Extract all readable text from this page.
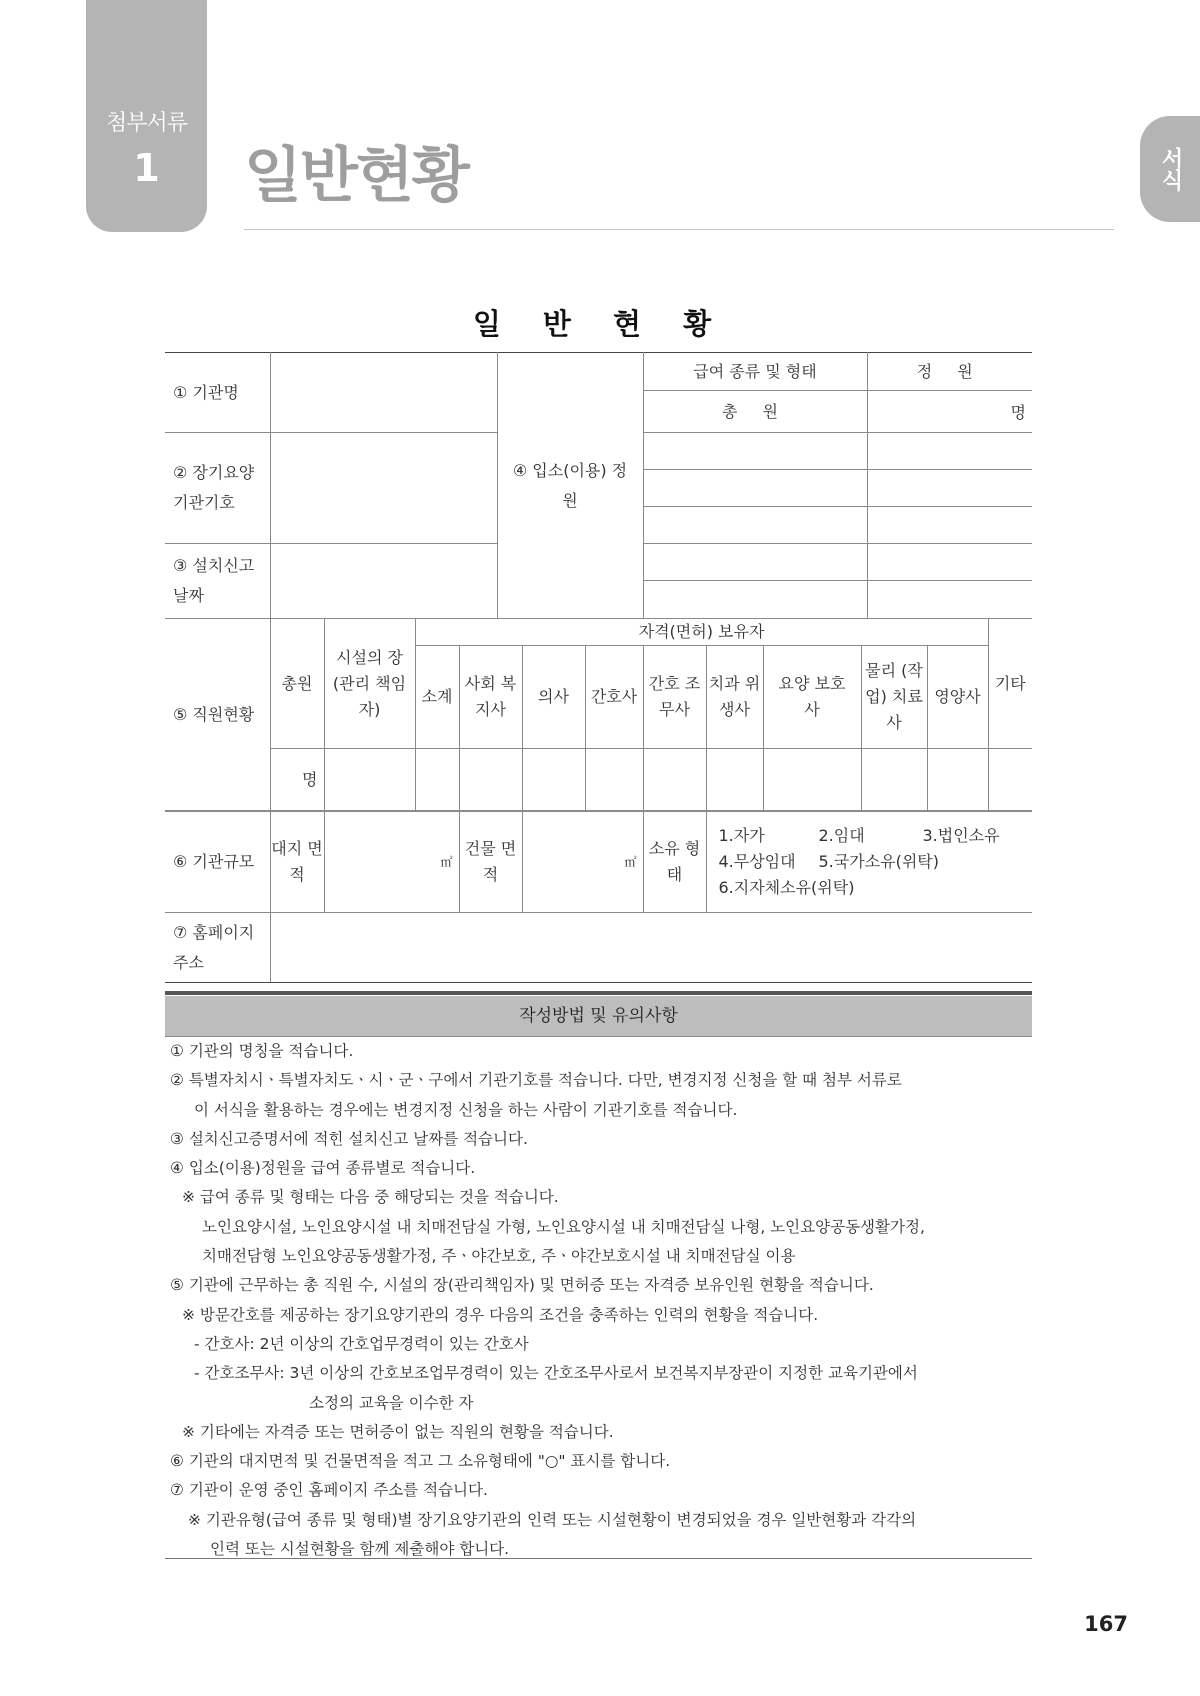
첨부서류
1	일반현황	서식
일 반 현 황
① 기관명		④ 입소(이용) 정원	급여 종류 및 형태	정 원
			총 원	명
② 장기요양기관기호				

③ 설치신고날짜				

⑤ 직원현황	총원	시설의 장 (관리 책임자)	자격(면허) 보유자									기타
			소계	사회 복지사	의사	간호사	간호 조무사	치과 위생사	요양 보호사	물리 (작업) 치료사	영양사	
	명											
⑥ 기관규모	대지 면적	㎡	건물 면적	㎡	소유 형태	1.자가 2.임대 3.법인소유
4.무상임대 5.국가소유(위탁)
6.지자체소유(위탁)

⑦ 홈페이지주소						
작성방법 및 유의사항
① 기관의 명칭을 적습니다.
② 특별자치시ㆍ특별자치도ㆍ시ㆍ군ㆍ구에서 기관기호를 적습니다. 다만, 변경지정 신청을 할 때 첨부 서류로
이 서식을 활용하는 경우에는 변경지정 신청을 하는 사람이 기관기호를 적습니다.
③ 설치신고증명서에 적힌 설치신고 날짜를 적습니다.
④ 입소(이용)정원을 급여 종류별로 적습니다.
※ 급여 종류 및 형태는 다음 중 해당되는 것을 적습니다.
노인요양시설, 노인요양시설 내 치매전담실 가형, 노인요양시설 내 치매전담실 나형, 노인요양공동생활가정,
치매전담형 노인요양공동생활가정, 주ㆍ야간보호, 주ㆍ야간보호시설 내 치매전담실 이용
⑤ 기관에 근무하는 총 직원 수, 시설의 장(관리책임자) 및 면허증 또는 자격증 보유인원 현황을 적습니다.
※ 방문간호를 제공하는 장기요양기관의 경우 다음의 조건을 충족하는 인력의 현황을 적습니다.
- 간호사: 2년 이상의 간호업무경력이 있는 간호사
- 간호조무사: 3년 이상의 간호보조업무경력이 있는 간호조무사로서 보건복지부장관이 지정한 교육기관에서
소정의 교육을 이수한 자
※ 기타에는 자격증 또는 면허증이 없는 직원의 현황을 적습니다.
⑥ 기관의 대지면적 및 건물면적을 적고 그 소유형태에 "○" 표시를 합니다.
⑦ 기관이 운영 중인 홈페이지 주소를 적습니다.
※ 기관유형(급여 종류 및 형태)별 장기요양기관의 인력 또는 시설현황이 변경되었을 경우 일반현황과 각각의
인력 또는 시설현황을 함께 제출해야 합니다.
167
